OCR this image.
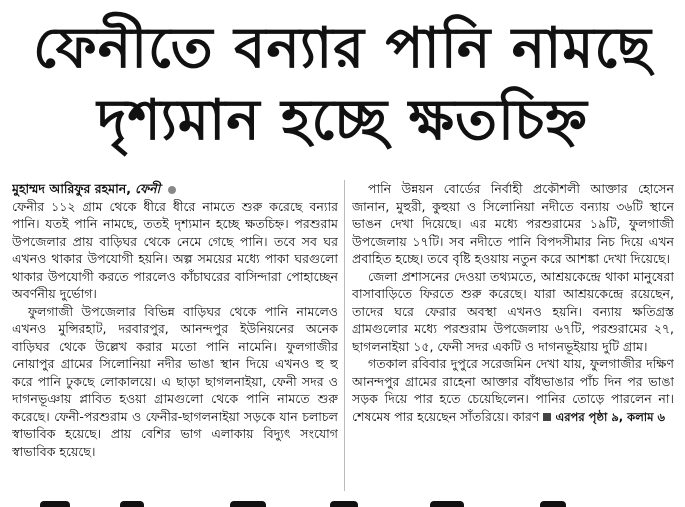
ফেনীতে বন্যার পানি নামছে
দৃশ্যমান হচ্ছে ক্ষতচিহ্ন

মুহাম্মদ আরিফুর রহমান, ফেনী
ফেনীর ১১২ গ্রাম থেকে ধীরে ধীরে নামতে শুরু করেছে বন্যার পানি। যতই পানি নামছে, ততই দৃশ্যমান হচ্ছে ক্ষতচিহ্ন। পরশুরাম উপজেলার প্রায় বাড়িঘর থেকে নেমে গেছে পানি। তবে সব ঘর এখনও থাকার উপযোগী হয়নি। অল্প সময়ের মধ্যে পাকা ঘরগুলো থাকার উপযোগী করতে পারলেও কাঁচাঘরের বাসিন্দারা পোহাচ্ছেন অবর্ণনীয় দুর্ভোগ।

ফুলগাজী উপজেলার বিভিন্ন বাড়িঘর থেকে পানি নামলেও এখনও মুন্সিরহাট, দরবারপুর, আনন্দপুর ইউনিয়নের অনেক বাড়িঘর থেকে উল্লেখ করার মতো পানি নামেনি। ফুলগাজীর নোয়াপুর গ্রামের সিলোনিয়া নদীর ভাঙা স্থান দিয়ে এখনও হু হু করে পানি ঢুকছে লোকালয়ে। এ ছাড়া ছাগলনাইয়া, ফেনী সদর ও দাগনভূঞায় প্লাবিত হওয়া গ্রামগুলো থেকে পানি নামতে শুরু করেছে। ফেনী-পরশুরাম ও ফেনীর-ছাগলনাইয়া সড়কে যান চলাচল স্বাভাবিক হয়েছে। প্রায় বেশির ভাগ এলাকায় বিদ্যুৎ সংযোগ স্বাভাবিক হয়েছে।

পানি উন্নয়ন বোর্ডের নির্বাহী প্রকৌশলী আক্তার হোসেন জানান, মুহুরী, কুহুয়া ও সিলোনিয়া নদীতে বন্যায় ৩৬টি স্থানে ভাঙন দেখা দিয়েছে। এর মধ্যে পরশুরামের ১৯টি, ফুলগাজী উপজেলায় ১৭টি। সব নদীতে পানি বিপদসীমার নিচ দিয়ে এখন প্রবাহিত হচ্ছে। তবে বৃষ্টি হওয়ায় নতুন করে আশঙ্কা দেখা দিয়েছে।

জেলা প্রশাসনের দেওয়া তথ্যমতে, আশ্রয়কেন্দ্রে থাকা মানুষেরা বাসাবাড়িতে ফিরতে শুরু করেছে। যারা আশ্রয়কেন্দ্রে রয়েছেন, তাদের ঘরে ফেরার অবস্থা এখনও হয়নি। বন্যায় ক্ষতিগ্রস্ত গ্রামগুলোর মধ্যে পরশুরাম উপজেলায় ৬৭টি, পরশুরামের ২৭, ছাগলনাইয়া ১৫, ফেনী সদর একটি ও দাগনভূইয়ায় দুটি গ্রাম।

গতকাল রবিবার দুপুরে সরেজমিন দেখা যায়, ফুলগাজীর দক্ষিণ আনন্দপুর গ্রামের রাহেনা আক্তার বাঁধভাঙার পাঁচ দিন পর ভাঙা সড়ক দিয়ে পার হতে চেয়েছিলেন। পানির তোড়ে পারলেন না। শেষমেষ পার হয়েছেন সাঁতরিয়ে। কারণ এরপর পৃষ্ঠা ৯, কলাম ৬
